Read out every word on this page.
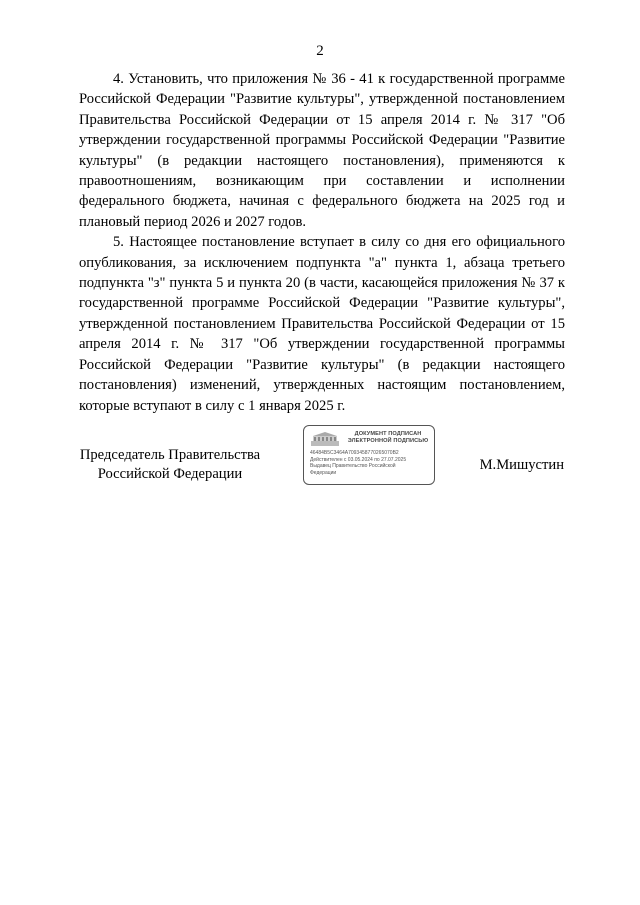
2

4. Установить, что приложения № 36 - 41 к государственной программе Российской Федерации "Развитие культуры", утвержденной постановлением Правительства Российской Федерации от 15 апреля 2014 г. № 317 "Об утверждении государственной программы Российской Федерации "Развитие культуры" (в редакции настоящего постановления), применяются к правоотношениям, возникающим при составлении и исполнении федерального бюджета, начиная с федерального бюджета на 2025 год и плановый период 2026 и 2027 годов.

5. Настоящее постановление вступает в силу со дня его официального опубликования, за исключением подпункта "а" пункта 1, абзаца третьего подпункта "з" пункта 5 и пункта 20 (в части, касающейся приложения № 37 к государственной программе Российской Федерации "Развитие культуры", утвержденной постановлением Правительства Российской Федерации от 15 апреля 2014 г. № 317 "Об утверждении государственной программы Российской Федерации "Развитие культуры" (в редакции настоящего постановления) изменений, утвержденных настоящим постановлением, которые вступают в силу с 1 января 2025 г.

Председатель Правительства
Российской Федерации
ДОКУМЕНТ ПОДПИСАН
ЭЛЕКТРОННОЙ ПОДПИСЬЮ
46484B5C3464A7093458770265070B2
Действителен с 03.05.2024 по 27.07.2025
Выдавец Правительство Российской
Федерации	М.Мишустин
